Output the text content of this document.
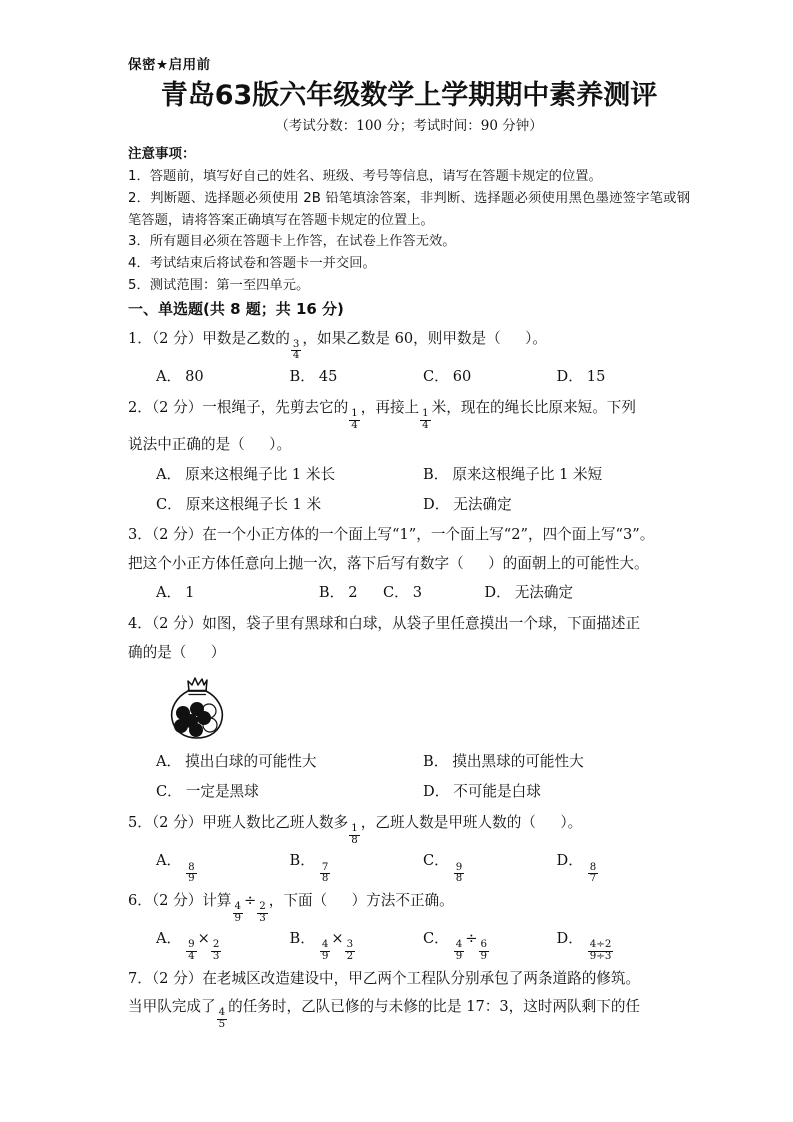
保密★启用前
青岛63版六年级数学上学期期中素养测评
（考试分数：100 分；考试时间：90 分钟）
注意事项：

1．答题前，填写好自己的姓名、班级、考号等信息，请写在答题卡规定的位置。

2．判断题、选择题必须使用 2B 铅笔填涂答案，非判断、选择题必须使用黑色墨迹签字笔或钢笔答题，请将答案正确填写在答题卡规定的位置上。

3．所有题目必须在答题卡上作答，在试卷上作答无效。

4．考试结束后将试卷和答题卡一并交回。

5．测试范围：第一至四单元。

一、单选题(共 8 题；共 16 分)

1．（2 分）甲数是乙数的
$\frac{3}{4}$
，如果乙数是 60，则甲数是（ ）。

A． 80	B． 45	C． 60	D． 15

2．（2 分）一根绳子，先剪去它的
$\frac{1}{4}$
，再接上
$\frac{1}{4}$
米，现在的绳长比原来短。下列

说法中正确的是（ ）。

A． 原来这根绳子比 1 米长	B． 原来这根绳子比 1 米短
C． 原来这根绳子长 1 米	D． 无法确定

3．（2 分）在一个小正方体的一个面上写“1”，一个面上写“2”，四个面上写“3”。

把这个小正方体任意向上抛一次，落下后写有数字（ ）的面朝上的可能性大。

A． 1	B． 2	C． 3	D． 无法确定

4．（2 分）如图，袋子里有黑球和白球，从袋子里任意摸出一个球，下面描述正

确的是（ ）

A． 摸出白球的可能性大	B． 摸出黑球的可能性大
C． 一定是黑球	D． 不可能是白球

5．（2 分）甲班人数比乙班人数多
$\frac{1}{8}$
，乙班人数是甲班人数的（ ）。

A．
$\frac{8}{9}$
B．
$\frac{7}{8}$
C．
$\frac{9}{8}$
D．
$\frac{8}{7}$

6．（2 分）计算
$\frac{4}{9}$
÷
$\frac{2}{3}$
，下面（ ）方法不正确。

A．
$\frac{9}{4}$
×
$\frac{2}{3}$
B．
$\frac{4}{9}$
×
$\frac{3}{2}$
C．
$\frac{4}{9}$
÷
$\frac{6}{9}$
D．
$\frac{4\div 2}{9\div 3}$

7．（2 分）在老城区改造建设中，甲乙两个工程队分别承包了两条道路的修筑。

当甲队完成了
$\frac{4}{5}$
的任务时，乙队已修的与未修的比是 17：3，这时两队剩下的任
